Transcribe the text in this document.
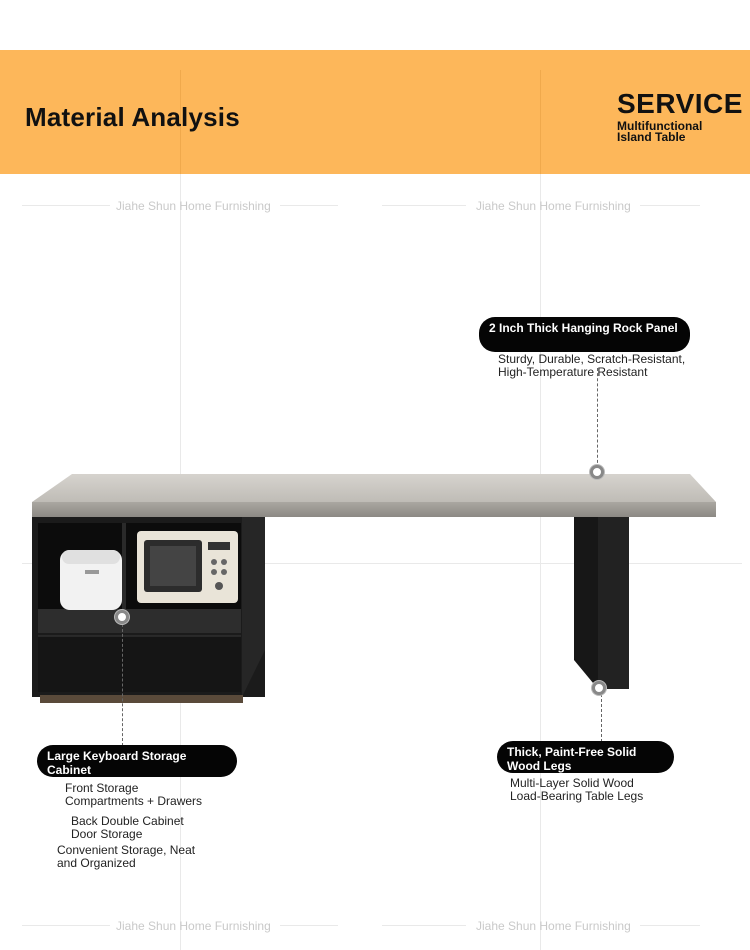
Jiahe Shun Home Furnishing	Jiahe Shun Home Furnishing
Jiahe Shun Home Furnishing	Jiahe Shun Home Furnishing
Material Analysis	SERVICE
Multifunctional
Island Table
2 Inch Thick Hanging Rock Panel
Sturdy, Durable, Scratch-Resistant,
High-Temperature Resistant
Large Keyboard Storage Cabinet
Front Storage
Compartments + Drawers
Back Double Cabinet
Door Storage
Convenient Storage, Neat
and Organized
Thick, Paint-Free Solid Wood Legs
Multi-Layer Solid Wood
Load-Bearing Table Legs
